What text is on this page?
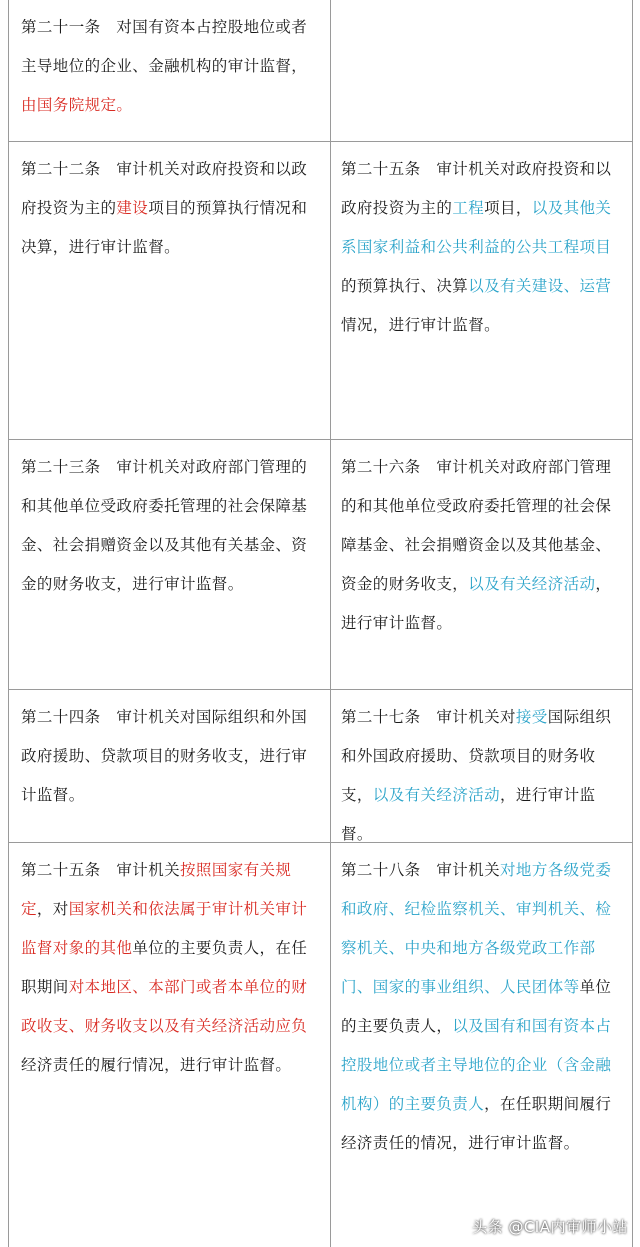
第二十一条　对国有资本占控股地位或者主导地位的企业、金融机构的审计监督，由国务院规定。

第二十二条　审计机关对政府投资和以政府投资为主的建设项目的预算执行情况和决算，进行审计监督。

第二十五条　审计机关对政府投资和以政府投资为主的工程项目，以及其他关系国家利益和公共利益的公共工程项目的预算执行、决算以及有关建设、运营情况，进行审计监督。

第二十三条　审计机关对政府部门管理的和其他单位受政府委托管理的社会保障基金、社会捐赠资金以及其他有关基金、资金的财务收支，进行审计监督。

第二十六条　审计机关对政府部门管理的和其他单位受政府委托管理的社会保障基金、社会捐赠资金以及其他基金、资金的财务收支，以及有关经济活动，进行审计监督。

第二十四条　审计机关对国际组织和外国政府援助、贷款项目的财务收支，进行审计监督。

第二十七条　审计机关对接受国际组织和外国政府援助、贷款项目的财务收支，以及有关经济活动，进行审计监督。

第二十五条　审计机关按照国家有关规定，对国家机关和依法属于审计机关审计监督对象的其他单位的主要负责人，在任职期间对本地区、本部门或者本单位的财政收支、财务收支以及有关经济活动应负经济责任的履行情况，进行审计监督。

第二十八条　审计机关对地方各级党委和政府、纪检监察机关、审判机关、检察机关、中央和地方各级党政工作部门、国家的事业组织、人民团体等单位的主要负责人，以及国有和国有资本占控股地位或者主导地位的企业（含金融机构）的主要负责人，在任职期间履行经济责任的情况，进行审计监督。

头条 @CIA内审师小站
